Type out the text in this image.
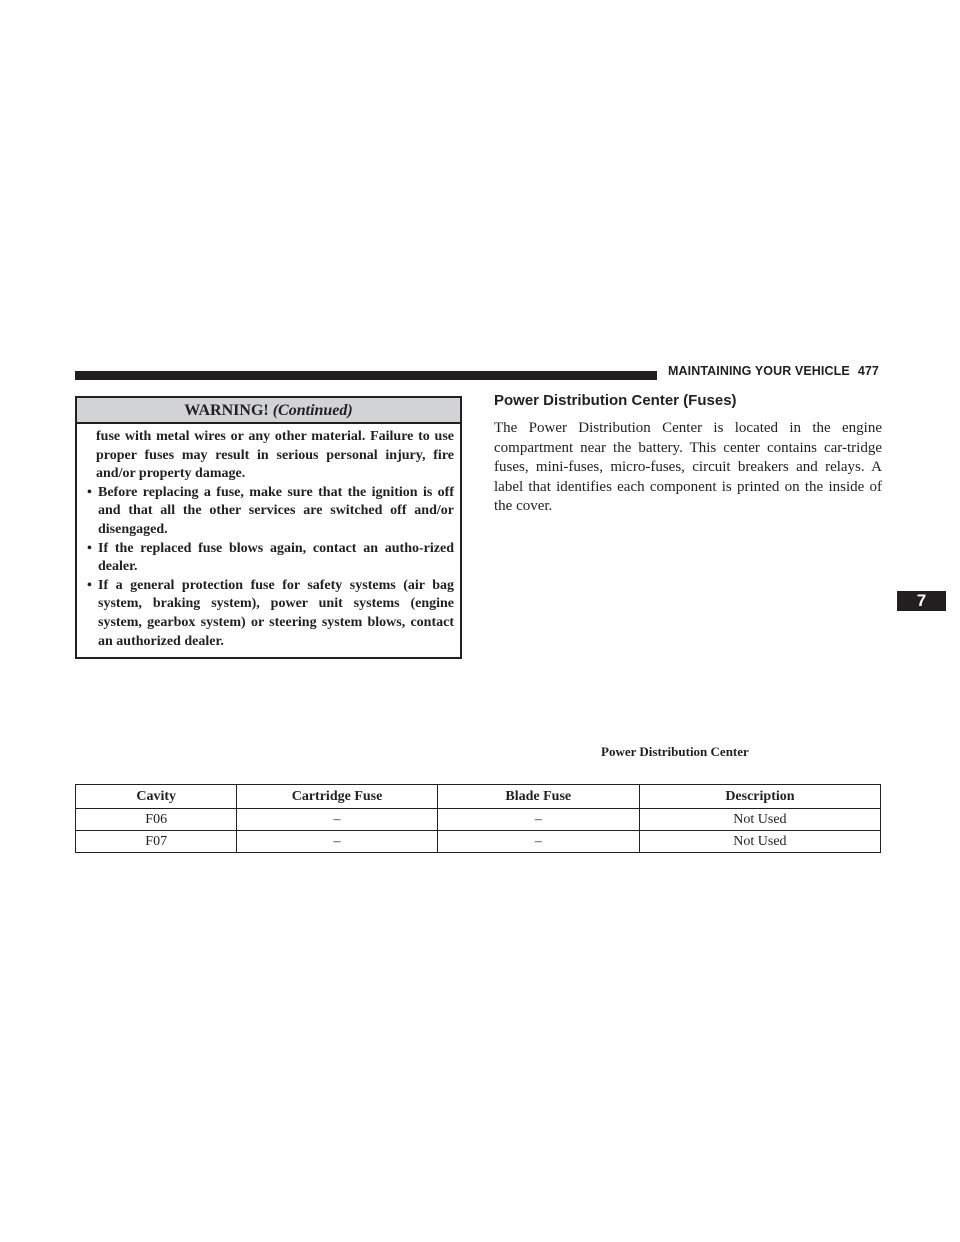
MAINTAINING YOUR VEHICLE 477
WARNING! (Continued)
fuse with metal wires or any other material. Failure to use proper fuses may result in serious personal injury, fire and/or property damage.
• Before replacing a fuse, make sure that the ignition is off and that all the other services are switched off and/or disengaged.
• If the replaced fuse blows again, contact an autho-rized dealer.
• If a general protection fuse for safety systems (air bag system, braking system), power unit systems (engine system, gearbox system) or steering system blows, contact an authorized dealer.
Power Distribution Center (Fuses)
The Power Distribution Center is located in the engine compartment near the battery. This center contains car-tridge fuses, mini-fuses, micro-fuses, circuit breakers and relays. A label that identifies each component is printed on the inside of the cover.
7
Power Distribution Center
Cavity	Cartridge Fuse	Blade Fuse	Description
F06	–	–	Not Used
F07	–	–	Not Used
